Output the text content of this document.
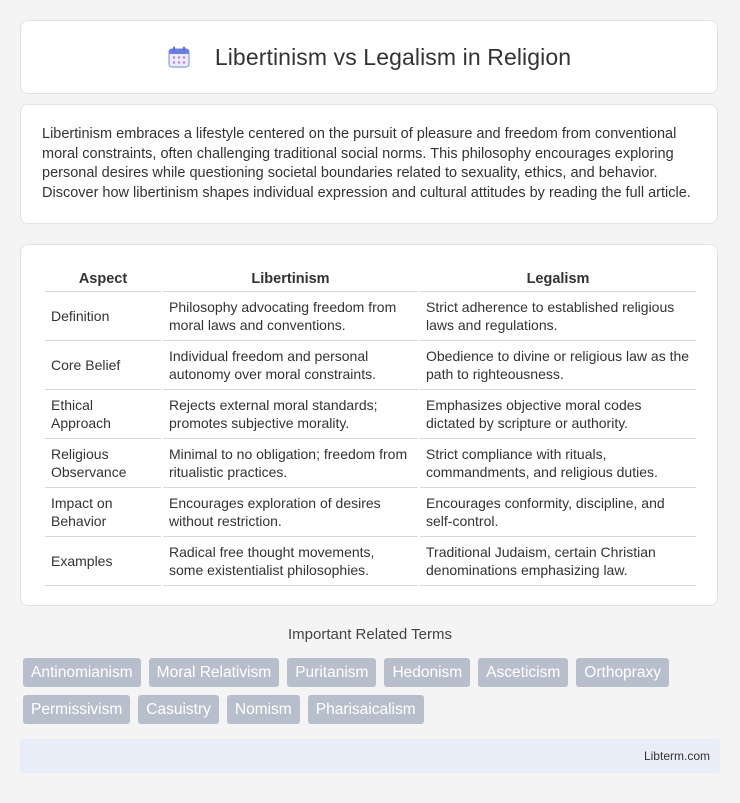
Libertinism vs Legalism in Religion
Libertinism embraces a lifestyle centered on the pursuit of pleasure and freedom from conventional moral constraints, often challenging traditional social norms. This philosophy encourages exploring personal desires while questioning societal boundaries related to sexuality, ethics, and behavior. Discover how libertinism shapes individual expression and cultural attitudes by reading the full article.
Aspect	Libertinism	Legalism
Definition	Philosophy advocating freedom from moral laws and conventions.	Strict adherence to established religious laws and regulations.
Core Belief	Individual freedom and personal autonomy over moral constraints.	Obedience to divine or religious law as the path to righteousness.
Ethical Approach	Rejects external moral standards; promotes subjective morality.	Emphasizes objective moral codes dictated by scripture or authority.
Religious Observance	Minimal to no obligation; freedom from ritualistic practices.	Strict compliance with rituals, commandments, and religious duties.
Impact on Behavior	Encourages exploration of desires without restriction.	Encourages conformity, discipline, and self-control.
Examples	Radical free thought movements, some existentialist philosophies.	Traditional Judaism, certain Christian denominations emphasizing law.
Important Related Terms
Antinomianism	Moral Relativism	Puritanism	Hedonism	Asceticism	Orthopraxy
Permissivism	Casuistry	Nomism	Pharisaicalism
Libterm.com
